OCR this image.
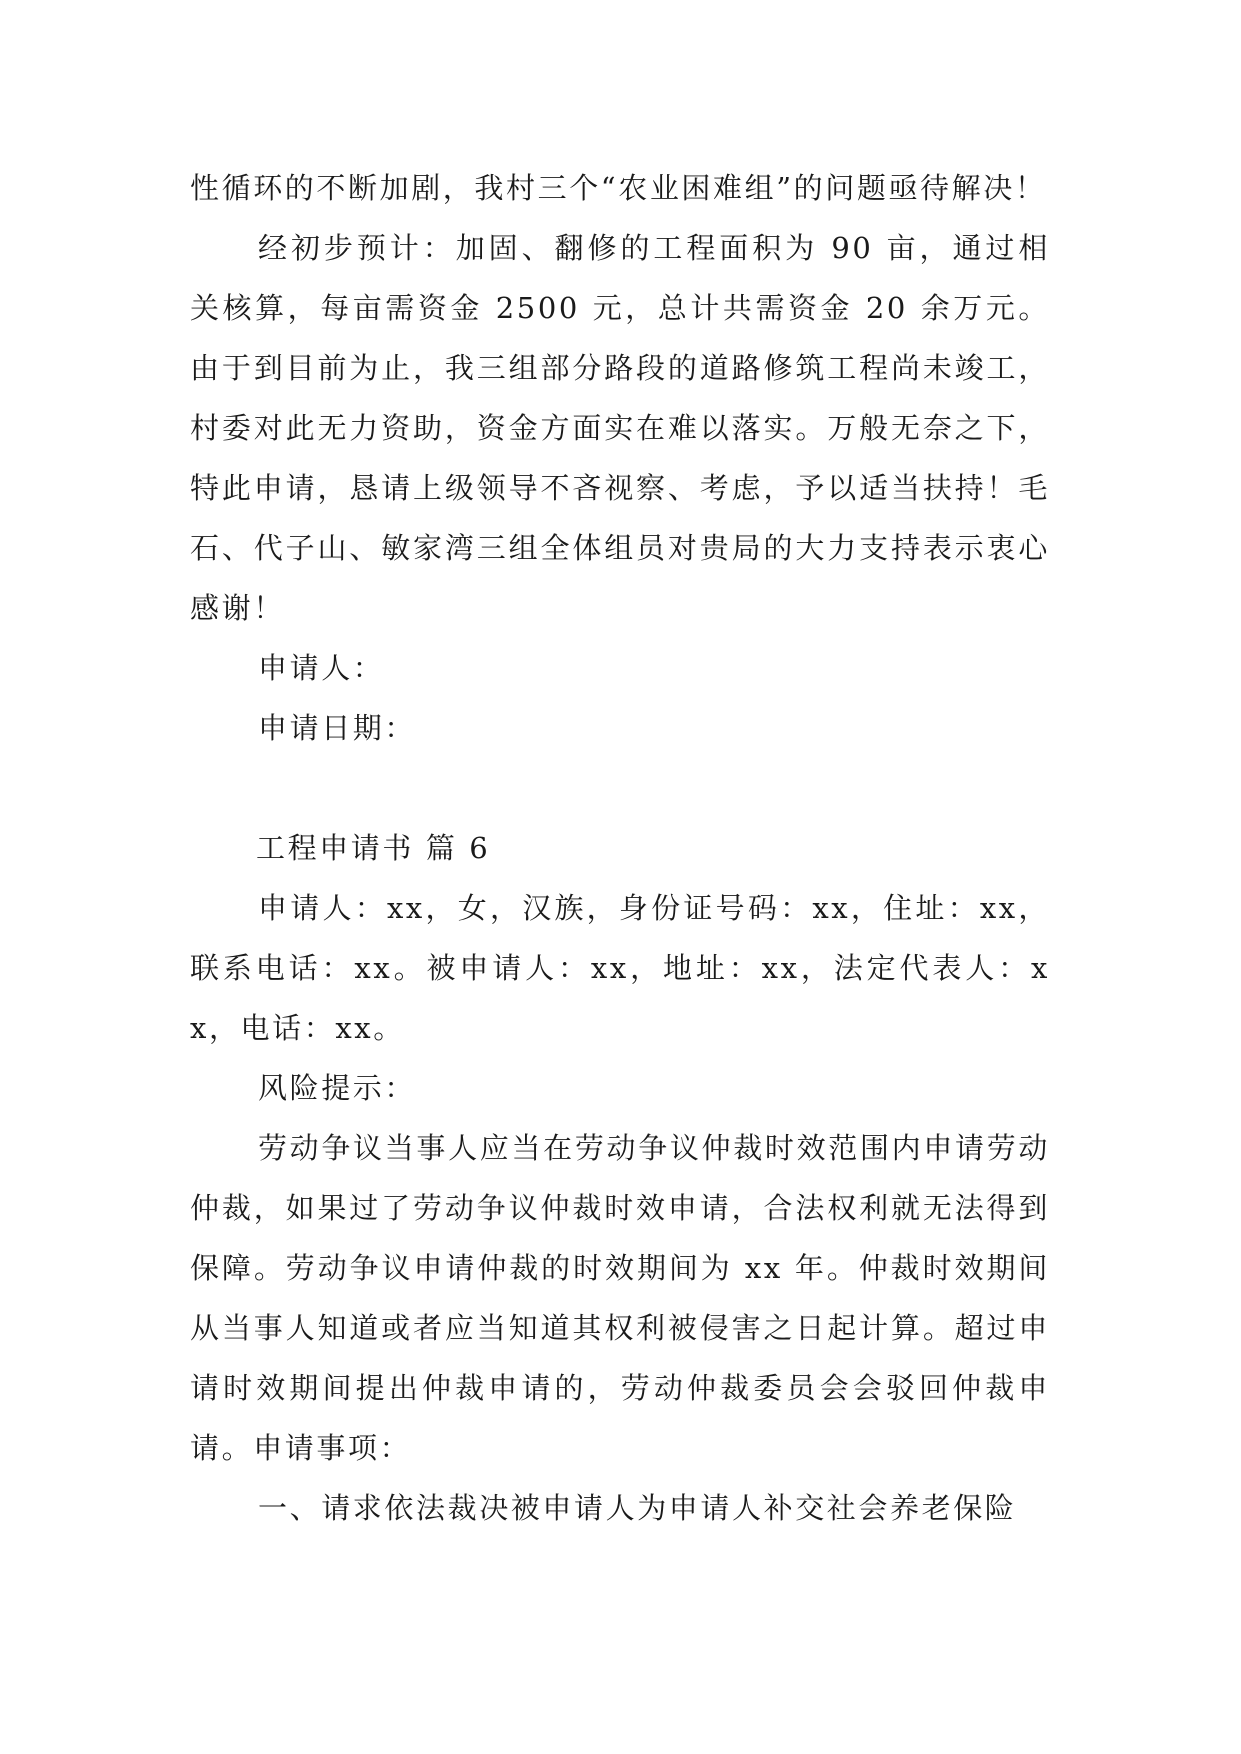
性循环的不断加剧，我村三个“农业困难组”的问题亟待解决！

经初步预计：加固、翻修的工程面积为 90 亩，通过相关核算，每亩需资金 2500 元，总计共需资金 20 余万元。由于到目前为止，我三组部分路段的道路修筑工程尚未竣工，村委对此无力资助，资金方面实在难以落实。万般无奈之下，特此申请，恳请上级领导不吝视察、考虑，予以适当扶持！毛石、代子山、敏家湾三组全体组员对贵局的大力支持表示衷心感谢！

申请人：

申请日期：

工程申请书 篇 6

申请人：xx，女，汉族，身份证号码：xx，住址：xx，联系电话：xx。被申请人：xx，地址：xx，法定代表人：xx，电话：xx。

风险提示：

劳动争议当事人应当在劳动争议仲裁时效范围内申请劳动仲裁，如果过了劳动争议仲裁时效申请，合法权利就无法得到保障。劳动争议申请仲裁的时效期间为 xx 年。仲裁时效期间从当事人知道或者应当知道其权利被侵害之日起计算。超过申请时效期间提出仲裁申请的，劳动仲裁委员会会驳回仲裁申请。申请事项：

一、请求依法裁决被申请人为申请人补交社会养老保险
